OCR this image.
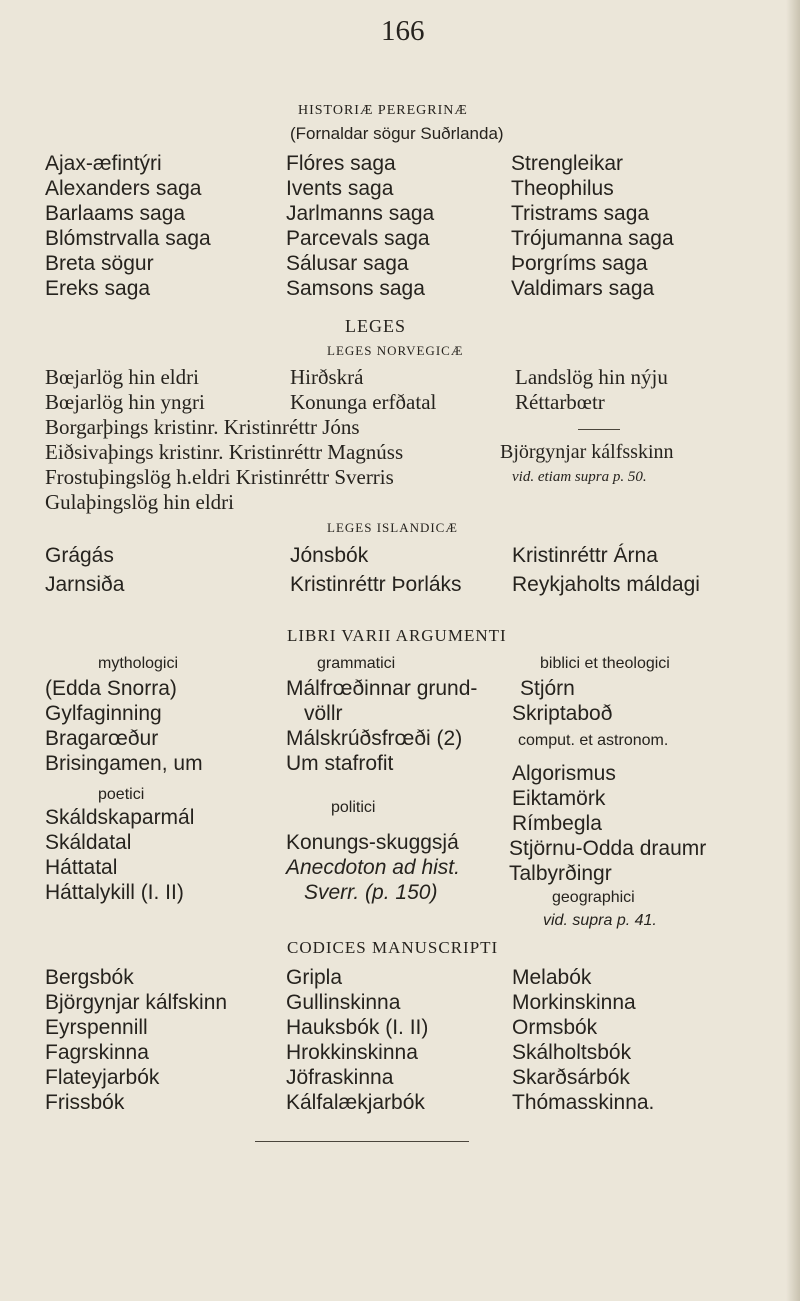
166
HISTORIÆ PEREGRINÆ
(Fornaldar sögur Suðrlanda)
Ajax-æfintýri
Alexanders saga
Barlaams saga
Blómstrvalla saga
Breta sögur
Ereks saga
Flóres saga
Ivents saga
Jarlmanns saga
Parcevals saga
Sálusar saga
Samsons saga
Strengleikar
Theophilus
Tristrams saga
Trójumanna saga
Þorgríms saga
Valdimars saga
LEGES
LEGES NORVEGICÆ
Bœjarlög hin eldri
Bœjarlög hin yngri
Hirðskrá
Konunga erfðatal
Landslög hin nýju
Réttarbœtr
Borgarþings kristinr. Kristinréttr Jóns
Eiðsivaþings kristinr. Kristinréttr Magnúss
Frostuþingslög h.eldri Kristinréttr Sverris
Gulaþingslög hin eldri
Björgynjar kálfsskinn
vid. etiam supra p. 50.
LEGES ISLANDICÆ
Grágás
Jarnsiða
Jónsbók
Kristinréttr Þorláks
Kristinréttr Árna
Reykjaholts máldagi
LIBRI VARII ARGUMENTI
mythologici	grammatici	biblici et theologici
(Edda Snorra)
Gylfaginning
Bragarœður
Brisingamen, um
poetici
Skáldskaparmál
Skáldatal
Háttatal
Háttalykill (I. II)
Málfrœðinnar grund-
völlr
Málskrúðsfrœði (2)
Um stafrofit
politici
Konungs-skuggsjá
Anecdoton ad hist.
Sverr. (p. 150)
Stjórn
Skriptaboð
comput. et astronom.
Algorismus
Eiktamörk
Rímbegla
Stjörnu-Odda draumr
Talbyrðingr
geographici
vid. supra p. 41.
CODICES MANUSCRIPTI
Bergsbók
Björgynjar kálfskinn
Eyrspennill
Fagrskinna
Flateyjarbók
Frissbók
Gripla
Gullinskinna
Hauksbók (I. II)
Hrokkinskinna
Jöfraskinna
Kálfalækjarbók
Melabók
Morkinskinna
Ormsbók
Skálholtsbók
Skarðsárbók
Thómasskinna.
